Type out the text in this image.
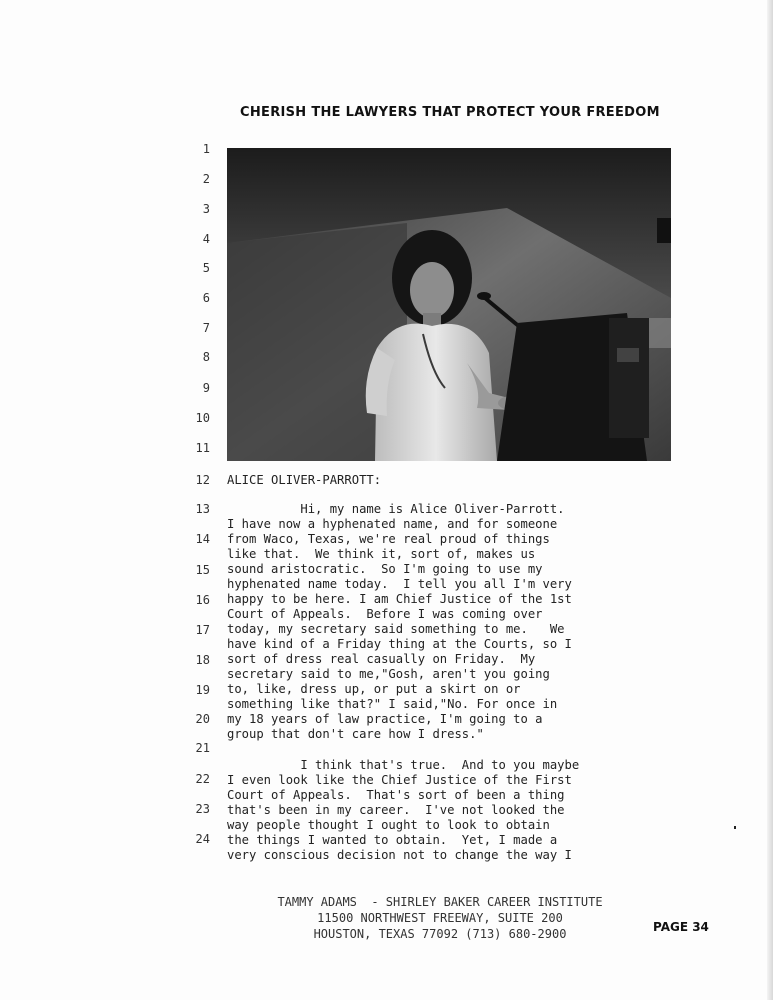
CHERISH THE LAWYERS THAT PROTECT YOUR FREEDOM
1
2
3
4
5
6
7
8
9
10
11
12
13
14
15
16
17
18
19
20
21
22
23
24
ALICE OLIVER-PARROTT:
Hi, my name is Alice Oliver-Parrott.
I have now a hyphenated name, and for someone
from Waco, Texas, we're real proud of things
like that.  We think it, sort of, makes us
sound aristocratic.  So I'm going to use my
hyphenated name today.  I tell you all I'm very
happy to be here. I am Chief Justice of the 1st
Court of Appeals.  Before I was coming over
today, my secretary said something to me.   We
have kind of a Friday thing at the Courts, so I
sort of dress real casually on Friday.  My
secretary said to me,"Gosh, aren't you going
to, like, dress up, or put a skirt on or
something like that?" I said,"No. For once in
my 18 years of law practice, I'm going to a
group that don't care how I dress."
I think that's true.  And to you maybe
I even look like the Chief Justice of the First
Court of Appeals.  That's sort of been a thing
that's been in my career.  I've not looked the
way people thought I ought to look to obtain
the things I wanted to obtain.  Yet, I made a
very conscious decision not to change the way I
TAMMY ADAMS  - SHIRLEY BAKER CAREER INSTITUTE
11500 NORTHWEST FREEWAY, SUITE 200
HOUSTON, TEXAS 77092 (713) 680-2900	PAGE 34
